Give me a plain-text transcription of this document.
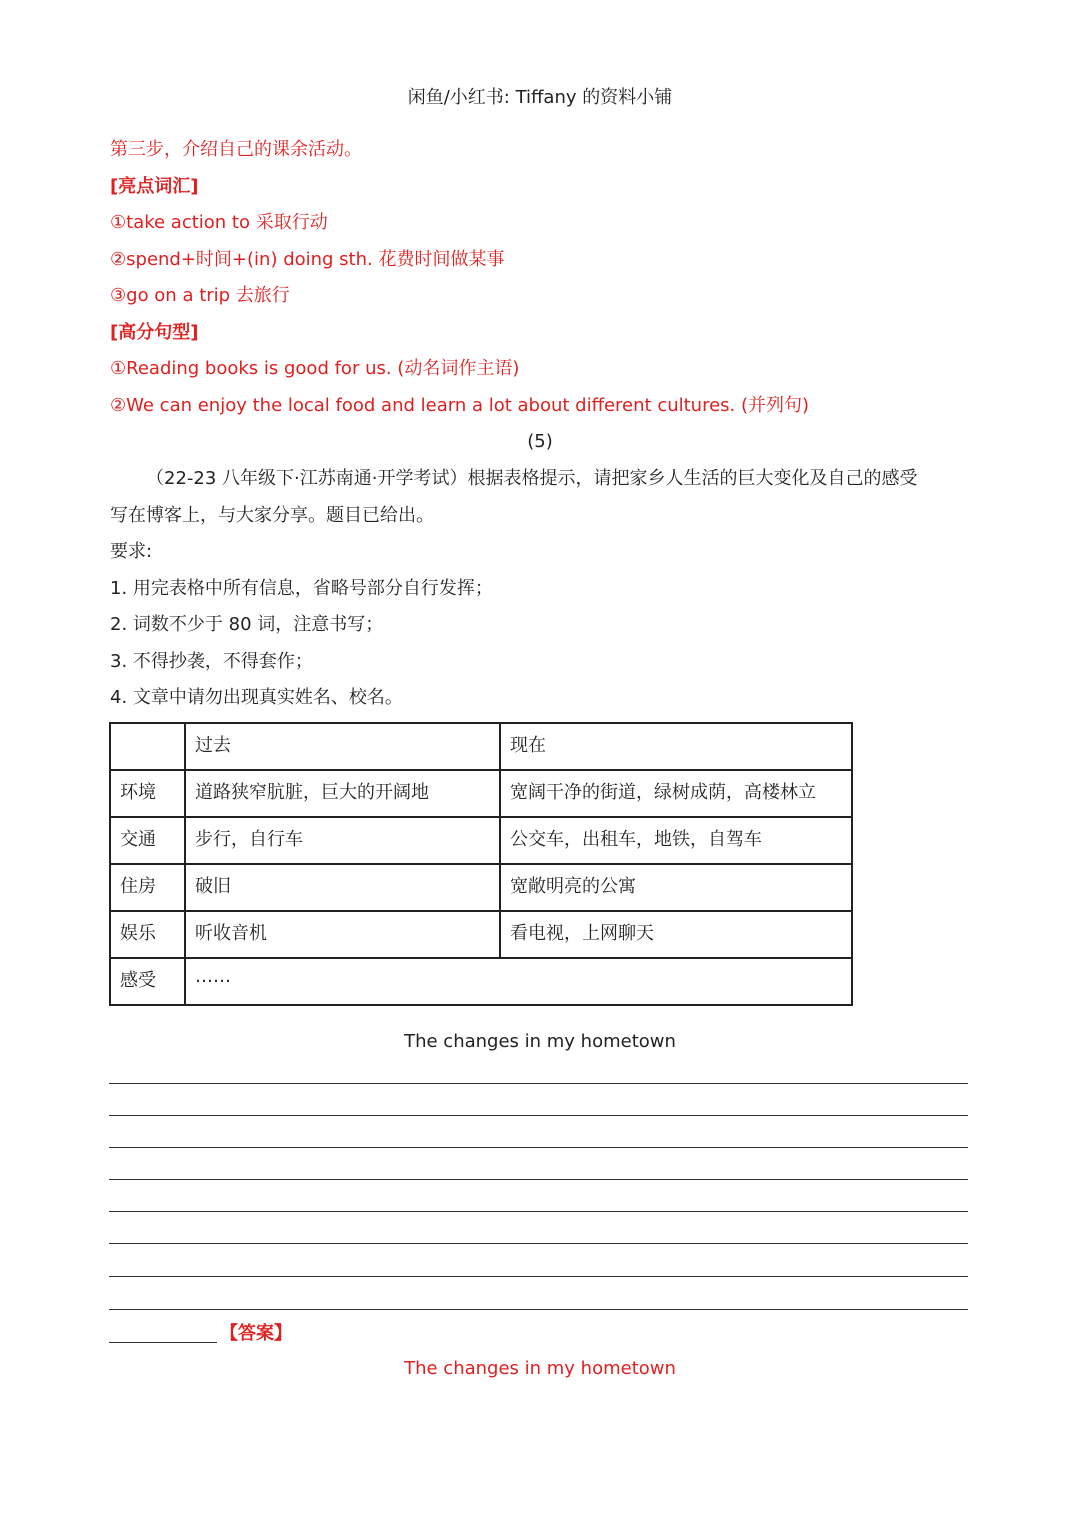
闲鱼/小红书: Tiffany 的资料小铺
第三步，介绍自己的课余活动。
[亮点词汇]
①take action to 采取行动
②spend+时间+(in) doing sth. 花费时间做某事
③go on a trip 去旅行
[高分句型]
①Reading books is good for us. (动名词作主语)
②We can enjoy the local food and learn a lot about different cultures. (并列句)
(5)
（22-23 八年级下·江苏南通·开学考试）根据表格提示，请把家乡人生活的巨大变化及自己的感受
写在博客上，与大家分享。题目已给出。
要求:
1. 用完表格中所有信息，省略号部分自行发挥；
2. 词数不少于 80 词，注意书写；
3. 不得抄袭，不得套作；
4. 文章中请勿出现真实姓名、校名。
	过去	现在
环境	道路狭窄肮脏，巨大的开阔地	宽阔干净的街道，绿树成荫，高楼林立
交通	步行，自行车	公交车，出租车，地铁，自驾车
住房	破旧	宽敞明亮的公寓
娱乐	听收音机	看电视，上网聊天
感受	……	
The changes in my hometown
【答案】
The changes in my hometown
